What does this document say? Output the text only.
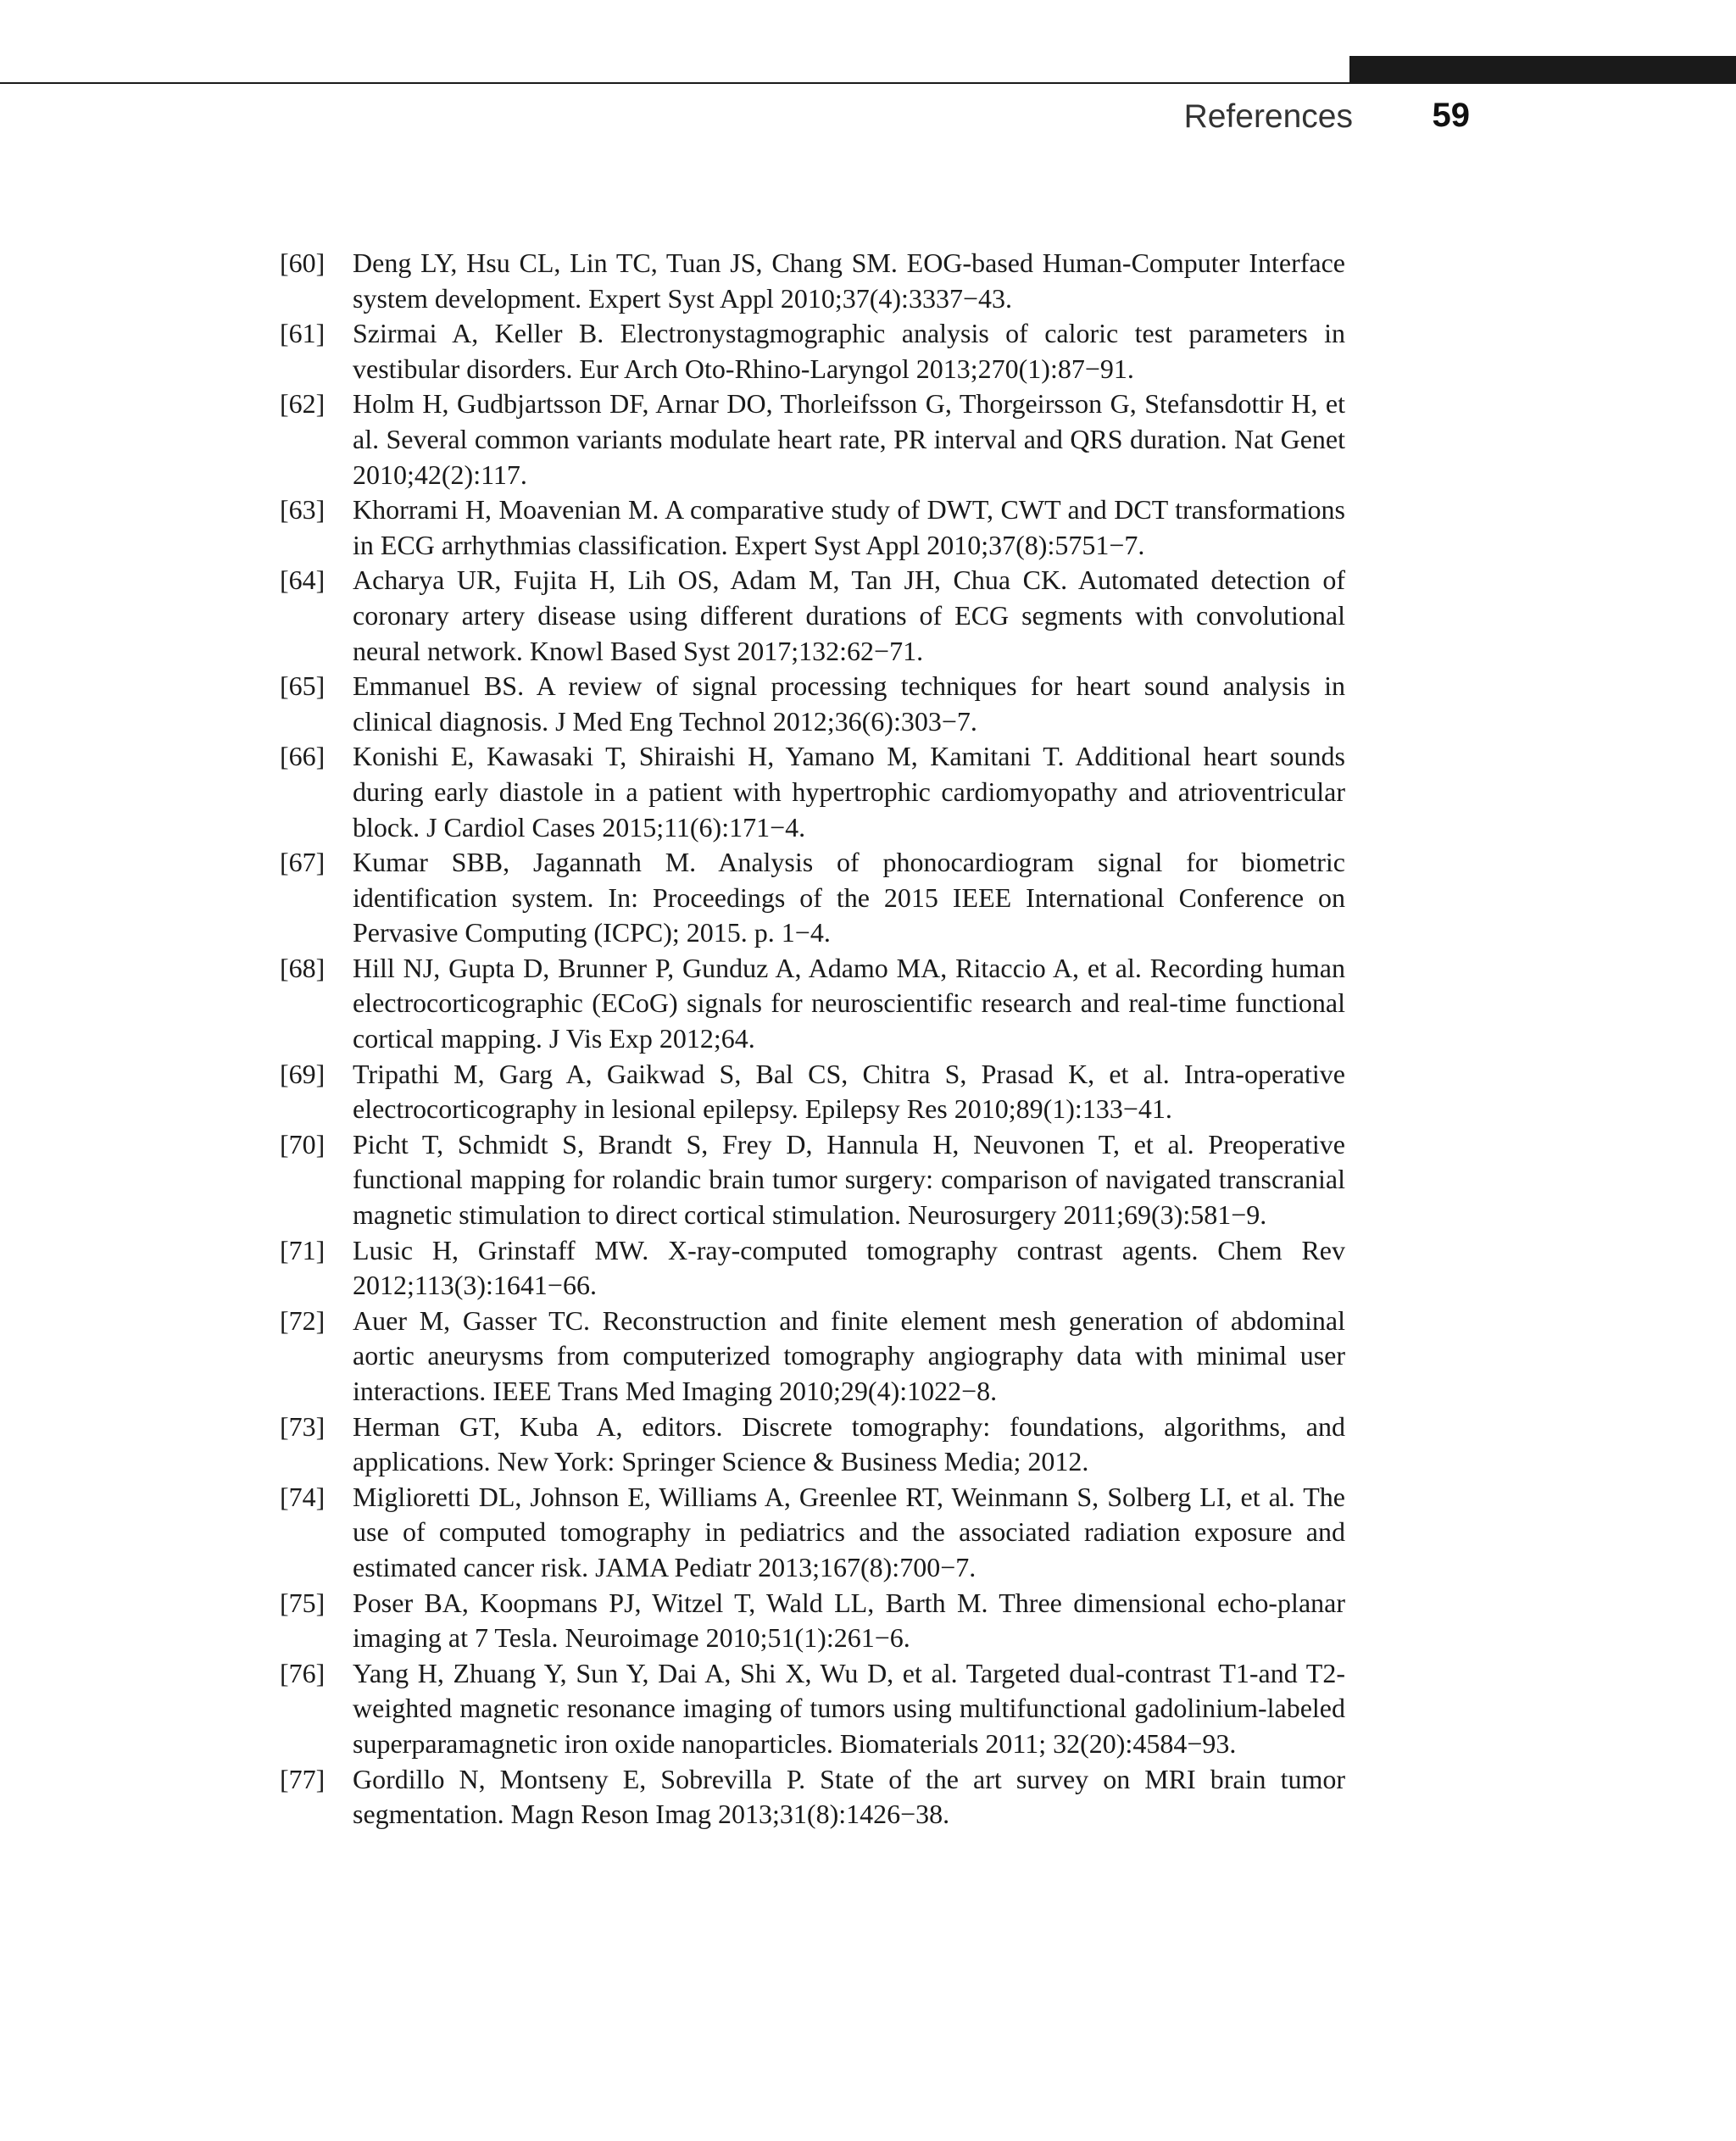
References 59

[60] Deng LY, Hsu CL, Lin TC, Tuan JS, Chang SM. EOG-based Human-Computer Interface system development. Expert Syst Appl 2010;37(4):3337−43.

[61] Szirmai A, Keller B. Electronystagmographic analysis of caloric test parameters in vestibular disorders. Eur Arch Oto-Rhino-Laryngol 2013;270(1):87−91.

[62] Holm H, Gudbjartsson DF, Arnar DO, Thorleifsson G, Thorgeirsson G, Stefansdottir H, et al. Several common variants modulate heart rate, PR interval and QRS duration. Nat Genet 2010;42(2):117.

[63] Khorrami H, Moavenian M. A comparative study of DWT, CWT and DCT transformations in ECG arrhythmias classification. Expert Syst Appl 2010;37(8):5751−7.

[64] Acharya UR, Fujita H, Lih OS, Adam M, Tan JH, Chua CK. Automated detection of coronary artery disease using different durations of ECG segments with convolutional neural network. Knowl Based Syst 2017;132:62−71.

[65] Emmanuel BS. A review of signal processing techniques for heart sound analysis in clinical diagnosis. J Med Eng Technol 2012;36(6):303−7.

[66] Konishi E, Kawasaki T, Shiraishi H, Yamano M, Kamitani T. Additional heart sounds during early diastole in a patient with hypertrophic cardiomyopathy and atrioventricular block. J Cardiol Cases 2015;11(6):171−4.

[67] Kumar SBB, Jagannath M. Analysis of phonocardiogram signal for biometric identification system. In: Proceedings of the 2015 IEEE International Conference on Pervasive Computing (ICPC); 2015. p. 1−4.

[68] Hill NJ, Gupta D, Brunner P, Gunduz A, Adamo MA, Ritaccio A, et al. Recording human electrocorticographic (ECoG) signals for neuroscientific research and real-time functional cortical mapping. J Vis Exp 2012;64.

[69] Tripathi M, Garg A, Gaikwad S, Bal CS, Chitra S, Prasad K, et al. Intra-operative electrocorticography in lesional epilepsy. Epilepsy Res 2010;89(1):133−41.

[70] Picht T, Schmidt S, Brandt S, Frey D, Hannula H, Neuvonen T, et al. Preoperative functional mapping for rolandic brain tumor surgery: comparison of navigated transcranial magnetic stimulation to direct cortical stimulation. Neurosurgery 2011;69(3):581−9.

[71] Lusic H, Grinstaff MW. X-ray-computed tomography contrast agents. Chem Rev 2012;113(3):1641−66.

[72] Auer M, Gasser TC. Reconstruction and finite element mesh generation of abdominal aortic aneurysms from computerized tomography angiography data with minimal user interactions. IEEE Trans Med Imaging 2010;29(4):1022−8.

[73] Herman GT, Kuba A, editors. Discrete tomography: foundations, algorithms, and applications. New York: Springer Science & Business Media; 2012.

[74] Miglioretti DL, Johnson E, Williams A, Greenlee RT, Weinmann S, Solberg LI, et al. The use of computed tomography in pediatrics and the associated radiation exposure and estimated cancer risk. JAMA Pediatr 2013;167(8):700−7.

[75] Poser BA, Koopmans PJ, Witzel T, Wald LL, Barth M. Three dimensional echo-planar imaging at 7 Tesla. Neuroimage 2010;51(1):261−6.

[76] Yang H, Zhuang Y, Sun Y, Dai A, Shi X, Wu D, et al. Targeted dual-contrast T1-and T2-weighted magnetic resonance imaging of tumors using multifunctional gadolinium-labeled superparamagnetic iron oxide nanoparticles. Biomaterials 2011; 32(20):4584−93.

[77] Gordillo N, Montseny E, Sobrevilla P. State of the art survey on MRI brain tumor segmentation. Magn Reson Imag 2013;31(8):1426−38.
